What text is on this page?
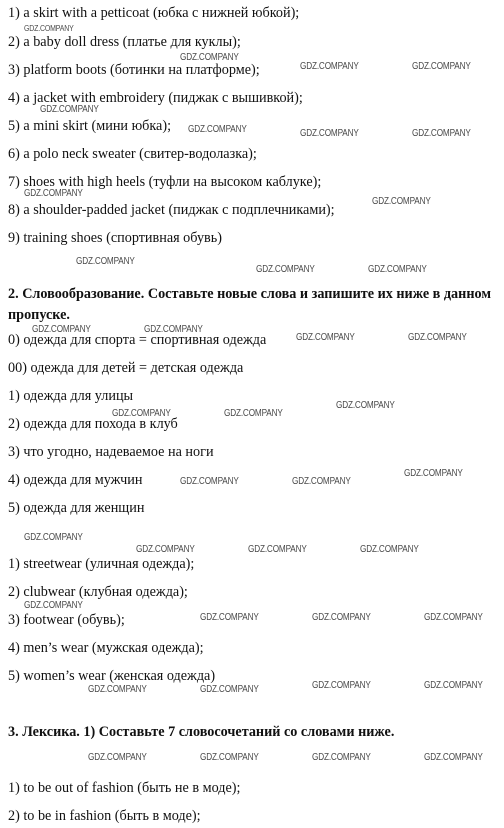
1) a skirt with a petticoat (юбка с нижней юбкой);
2) a baby doll dress (платье для куклы);
3) platform boots (ботинки на платформе);
4) a jacket with embroidery (пиджак с вышивкой);
5) a mini skirt (мини юбка);
6) a polo neck sweater (свитер-водолазка);
7) shoes with high heels (туфли на высоком каблуке);
8) a shoulder-padded jacket (пиджак с подплечниками);
9) training shoes (спортивная обувь)
2. Словообразование. Составьте новые слова и запишите их ниже в данном пропуске.
0) одежда для спорта = спортивная одежда
00) одежда для детей = детская одежда
1) одежда для улицы
2) одежда для похода в клуб
3) что угодно, надеваемое на ноги
4) одежда для мужчин
5) одежда для женщин
1) streetwear (уличная одежда);
2) clubwear (клубная одежда);
3) footwear (обувь);
4) men’s wear (мужская одежда);
5) women’s wear (женская одежда)
3. Лексика. 1) Составьте 7 словосочетаний со словами ниже.
1) to be out of fashion (быть не в моде);
2) to be in fashion (быть в моде);
GDZ.COMPANY
GDZ.COMPANY
GDZ.COMPANY	GDZ.COMPANY
GDZ.COMPANY
GDZ.COMPANY	GDZ.COMPANY	GDZ.COMPANY
GDZ.COMPANY
GDZ.COMPANY
GDZ.COMPANY
GDZ.COMPANY	GDZ.COMPANY
GDZ.COMPANY	GDZ.COMPANY
GDZ.COMPANY	GDZ.COMPANY
GDZ.COMPANY
GDZ.COMPANY	GDZ.COMPANY
GDZ.COMPANY
GDZ.COMPANY	GDZ.COMPANY
GDZ.COMPANY
GDZ.COMPANY	GDZ.COMPANY	GDZ.COMPANY
GDZ.COMPANY
GDZ.COMPANY	GDZ.COMPANY	GDZ.COMPANY
GDZ.COMPANY	GDZ.COMPANY
GDZ.COMPANY	GDZ.COMPANY
GDZ.COMPANY	GDZ.COMPANY	GDZ.COMPANY	GDZ.COMPANY
